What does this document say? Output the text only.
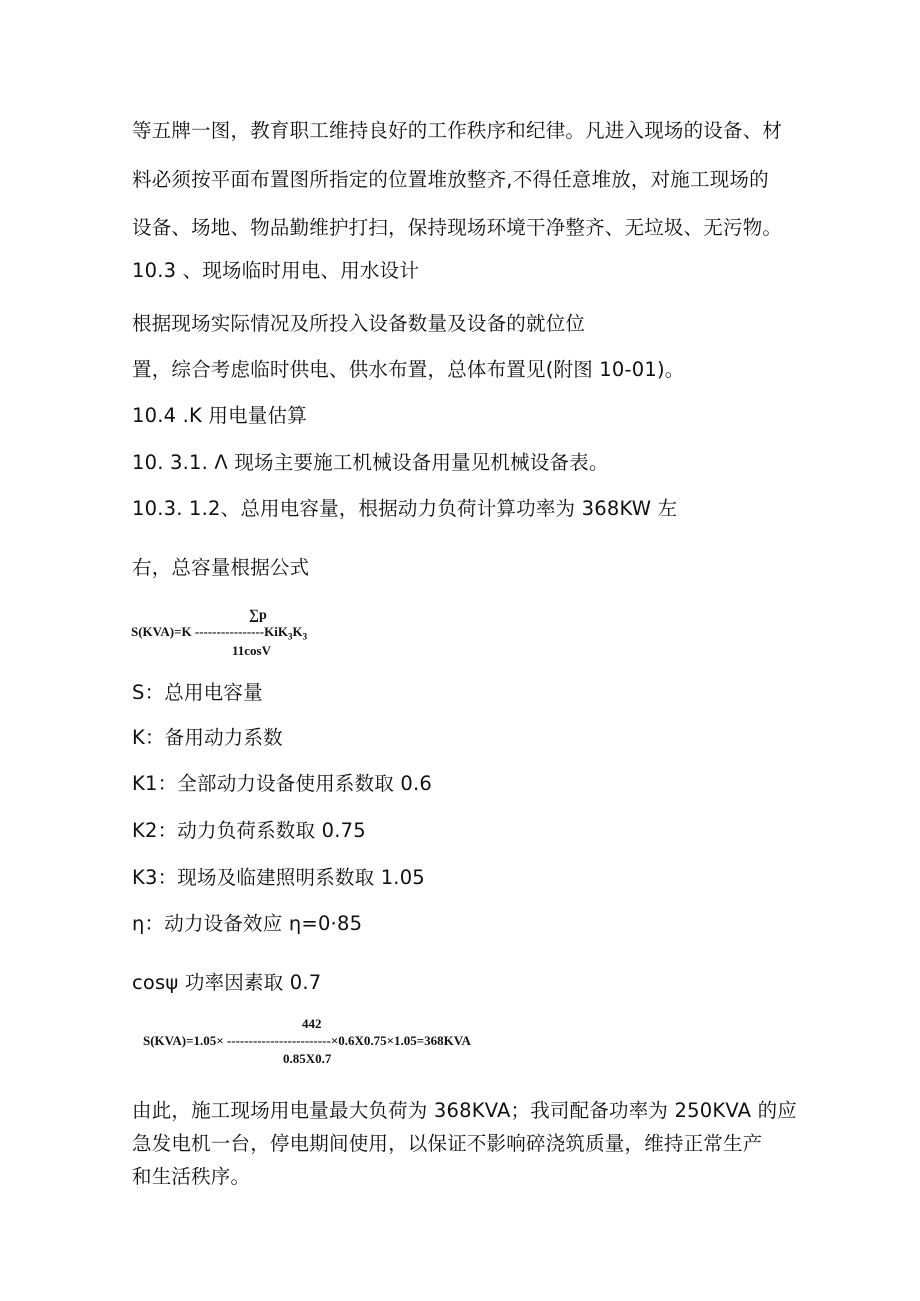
等五牌一图，教育职工维持良好的工作秩序和纪律。凡进入现场的设备、材
料必须按平面布置图所指定的位置堆放整齐,不得任意堆放，对施工现场的
设备、场地、物品勤维护打扫，保持现场环境干净整齐、无垃圾、无污物。
10.3 、现场临时用电、用水设计
根据现场实际情况及所投入设备数量及设备的就位位
置，综合考虑临时供电、供水布置，总体布置见(附图 10-01)。
10.4 .K 用电量估算
10. 3.1. Λ 现场主要施工机械设备用量见机械设备表。
10.3. 1.2、总用电容量，根据动力负荷计算功率为 368KW 左
右，总容量根据公式
∑p
S(KVA)=K $----------------KiK_3K_3$
11cosV
S：总用电容量
K：备用动力系数
K1：全部动力设备使用系数取 0.6
K2：动力负荷系数取 0.75
K3：现场及临建照明系数取 1.05
η：动力设备效应 η=0·85
cosψ 功率因素取 0.7
442
S(KVA)=1.05× ------------------------×0.6X0.75×1.05=368KVA
0.85X0.7
由此，施工现场用电量最大负荷为 368KVA；我司配备功率为 250KVA 的应
急发电机一台，停电期间使用，以保证不影响碎浇筑质量，维持正常生产
和生活秩序。
